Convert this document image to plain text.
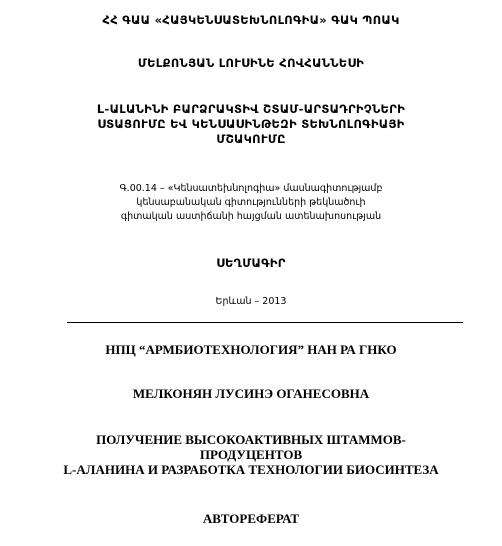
ՀՀ ԳԱԱ «ՀԱՅԿԵՆՍԱՏԵԽՆՈԼՈԳԻԱ» ԳԱԿ ՊՈԱԿ
ՄԵԼՔՈՆՅԱՆ ԼՈՒՍԻՆԵ ՀՈՎՀԱՆՆԵՍԻ
L-ԱԼԱՆԻՆԻ ԲԱՐՁՐԱԿՏԻՎ ՇՏԱՄ-ԱՐՏԱԴՐԻՉՆԵՐԻ
ՍՏԱՑՈՒՄԸ ԵՎ ԿԵՆՍԱՍԻՆԹԵԶԻ ՏԵԽՆՈԼՈԳԻԱՅԻ
ՄՇԱԿՈՒՄԸ
Գ.00.14 – «Կենսատեխնոլոգիա» մասնագիտությամբ
կենսաբանական գիտությունների թեկնածուի
գիտական աստիճանի հայցման ատենախոսության
ՍԵՂՄԱԳԻՐ
Երևան – 2013
НПЦ “АРМБИОТЕХНОЛОГИЯ” НАН РА ГНКО
МЕЛКОНЯН ЛУСИНЭ ОГАНЕСОВНА
ПОЛУЧЕНИЕ ВЫСОКОАКТИВНЫХ ШТАММОВ-
ПРОДУЦЕНТОВ
L-АЛАНИНА И РАЗРАБОТКА ТЕХНОЛОГИИ БИОСИНТЕЗА
АВТОРЕФЕРАТ
